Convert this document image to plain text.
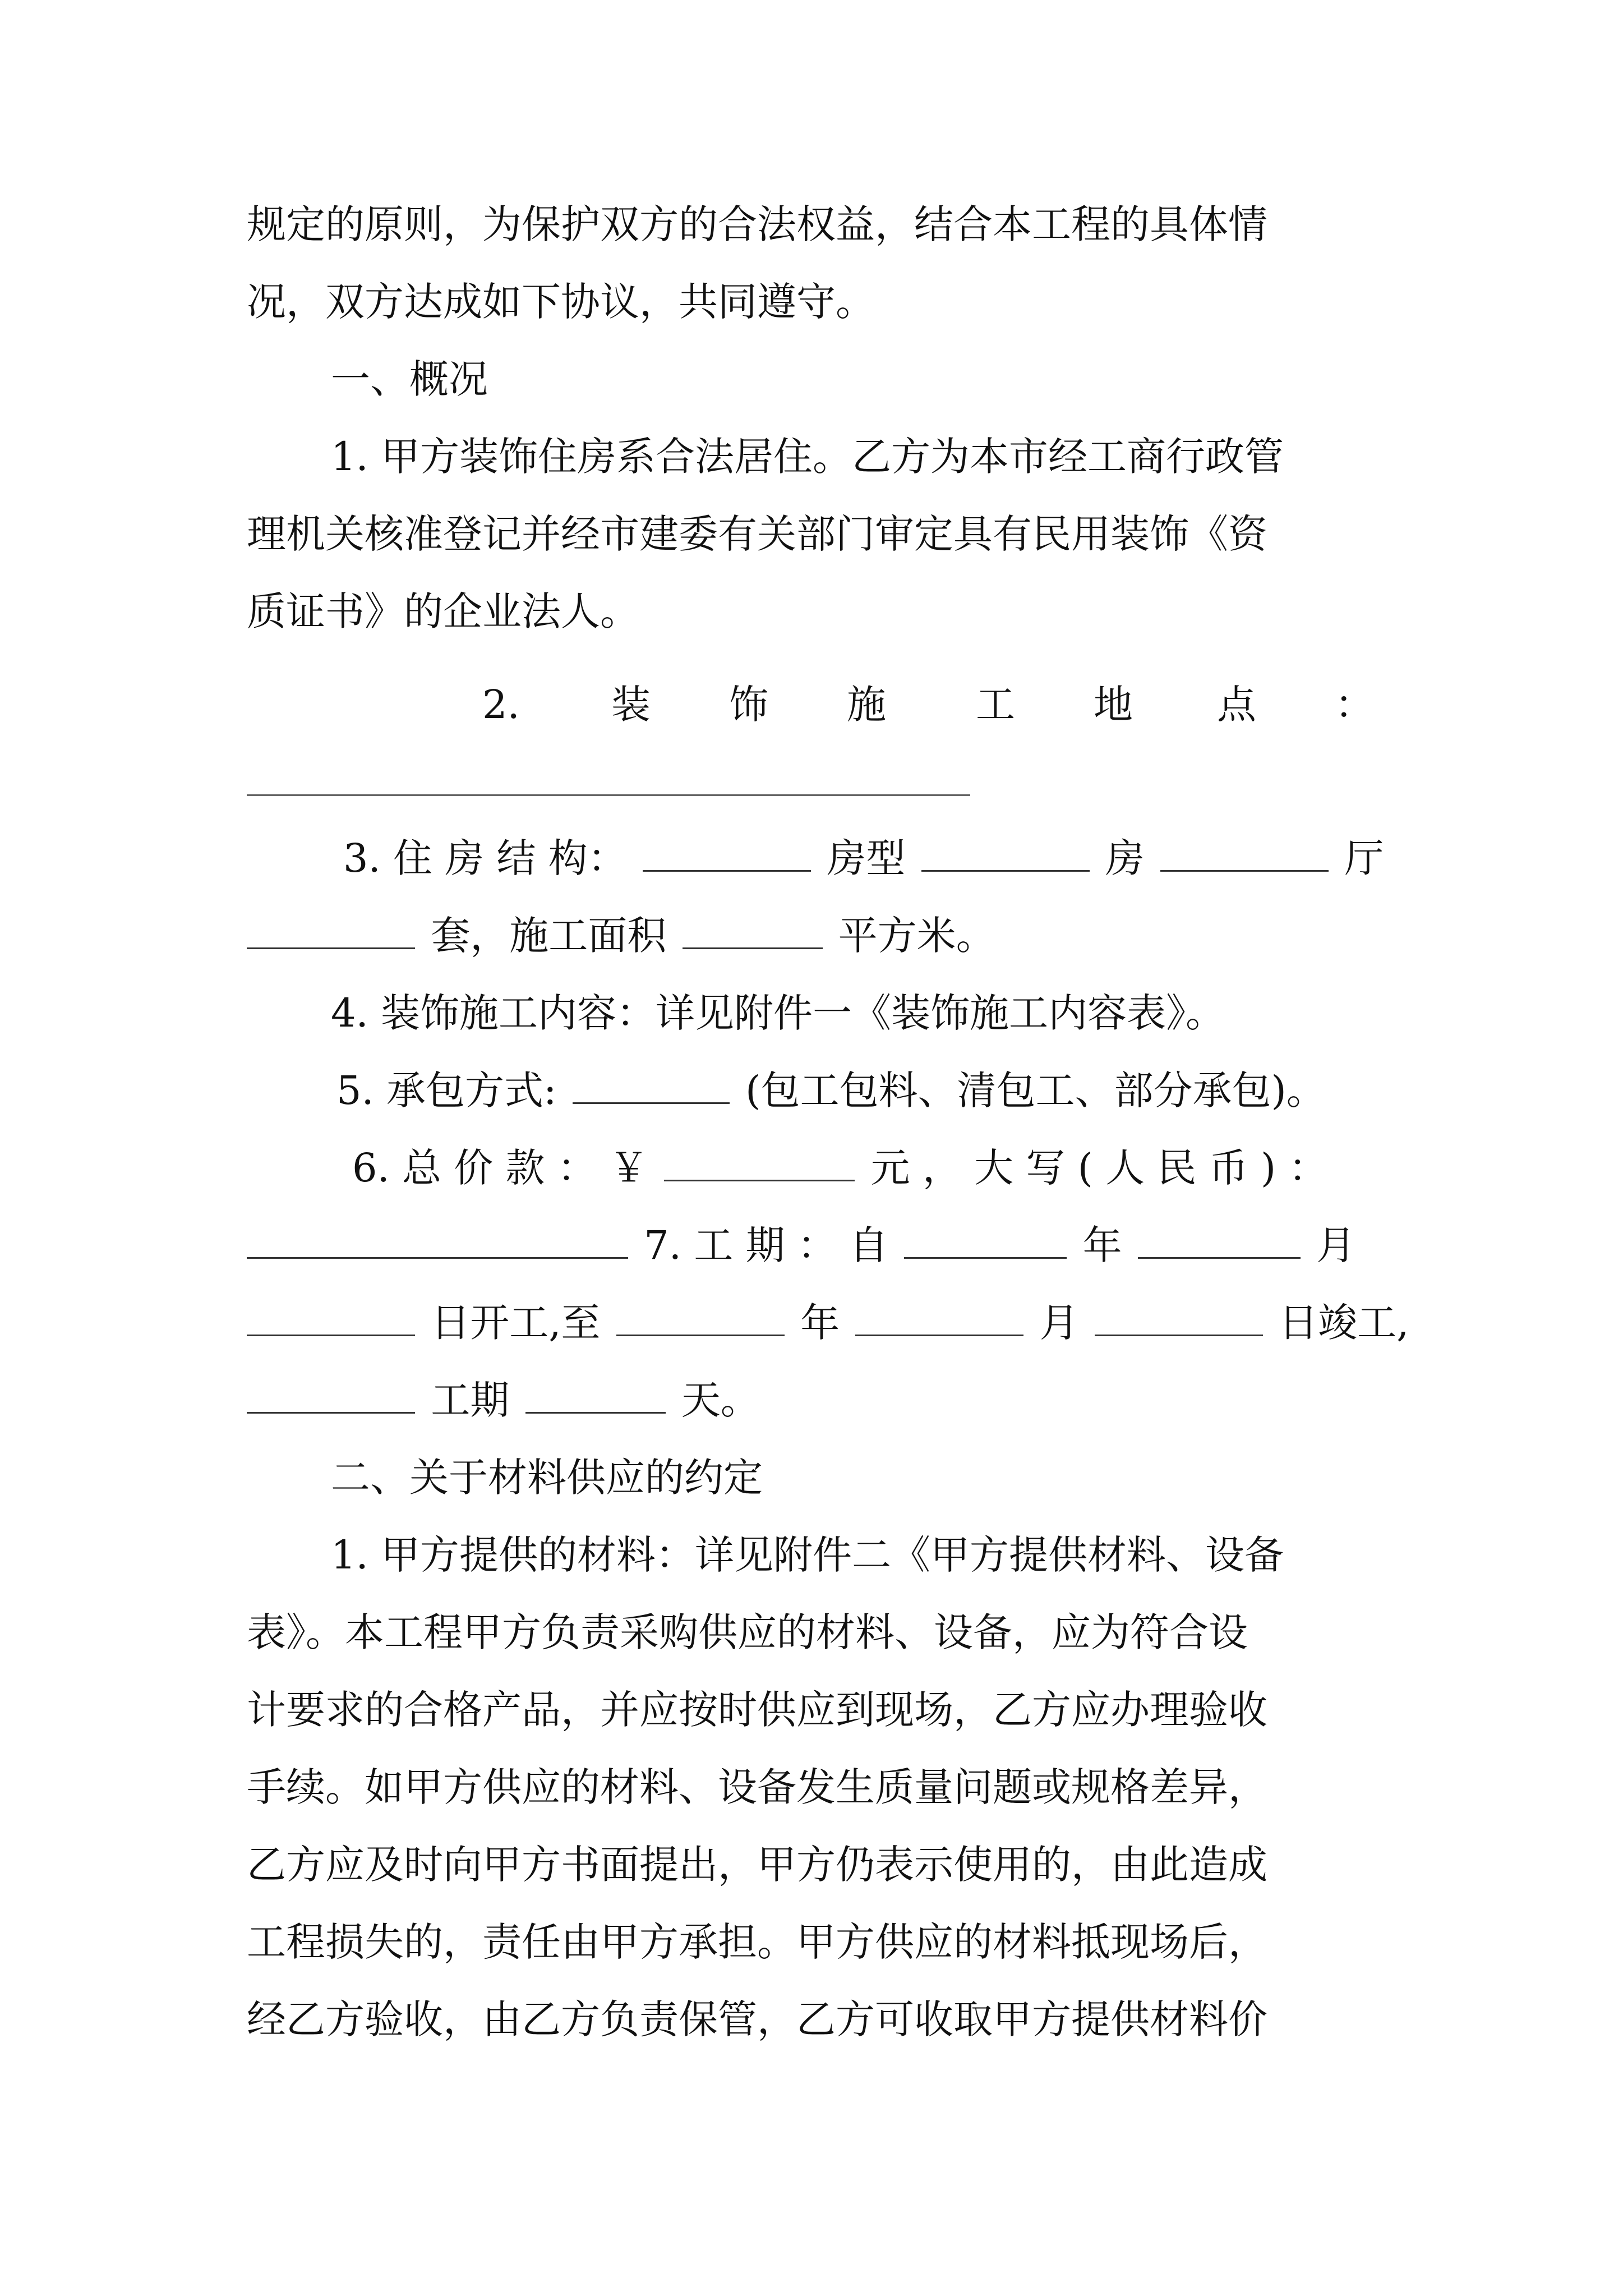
规定的原则，为保护双方的合法权益，结合本工程的具体情
况，双方达成如下协议，共同遵守。
一、概况
1. 甲方装饰住房系合法居住。乙方为本市经工商行政管
理机关核准登记并经市建委有关部门审定具有民用装饰《资
质证书》的企业法人。
2. 装 饰 施 工 地 点 ：
3. 住 房 结 构：	房型	房	厅
套，施工面积	平方米。
4. 装饰施工内容：详见附件一《装饰施工内容表》。
5. 承包方式:	(包工包料、清包工、部分承包)。
6. 总 价 款 ： ￥	元 ， 大 写 ( 人 民 币 ) ：
7. 工 期 ： 自	年	月
日开工,至	年	月	日竣工,
工期	天。
二、关于材料供应的约定
1. 甲方提供的材料：详见附件二《甲方提供材料、设备
表》。本工程甲方负责采购供应的材料、设备，应为符合设
计要求的合格产品，并应按时供应到现场，乙方应办理验收
手续。如甲方供应的材料、设备发生质量问题或规格差异，
乙方应及时向甲方书面提出，甲方仍表示使用的，由此造成
工程损失的，责任由甲方承担。甲方供应的材料抵现场后，
经乙方验收，由乙方负责保管，乙方可收取甲方提供材料价
